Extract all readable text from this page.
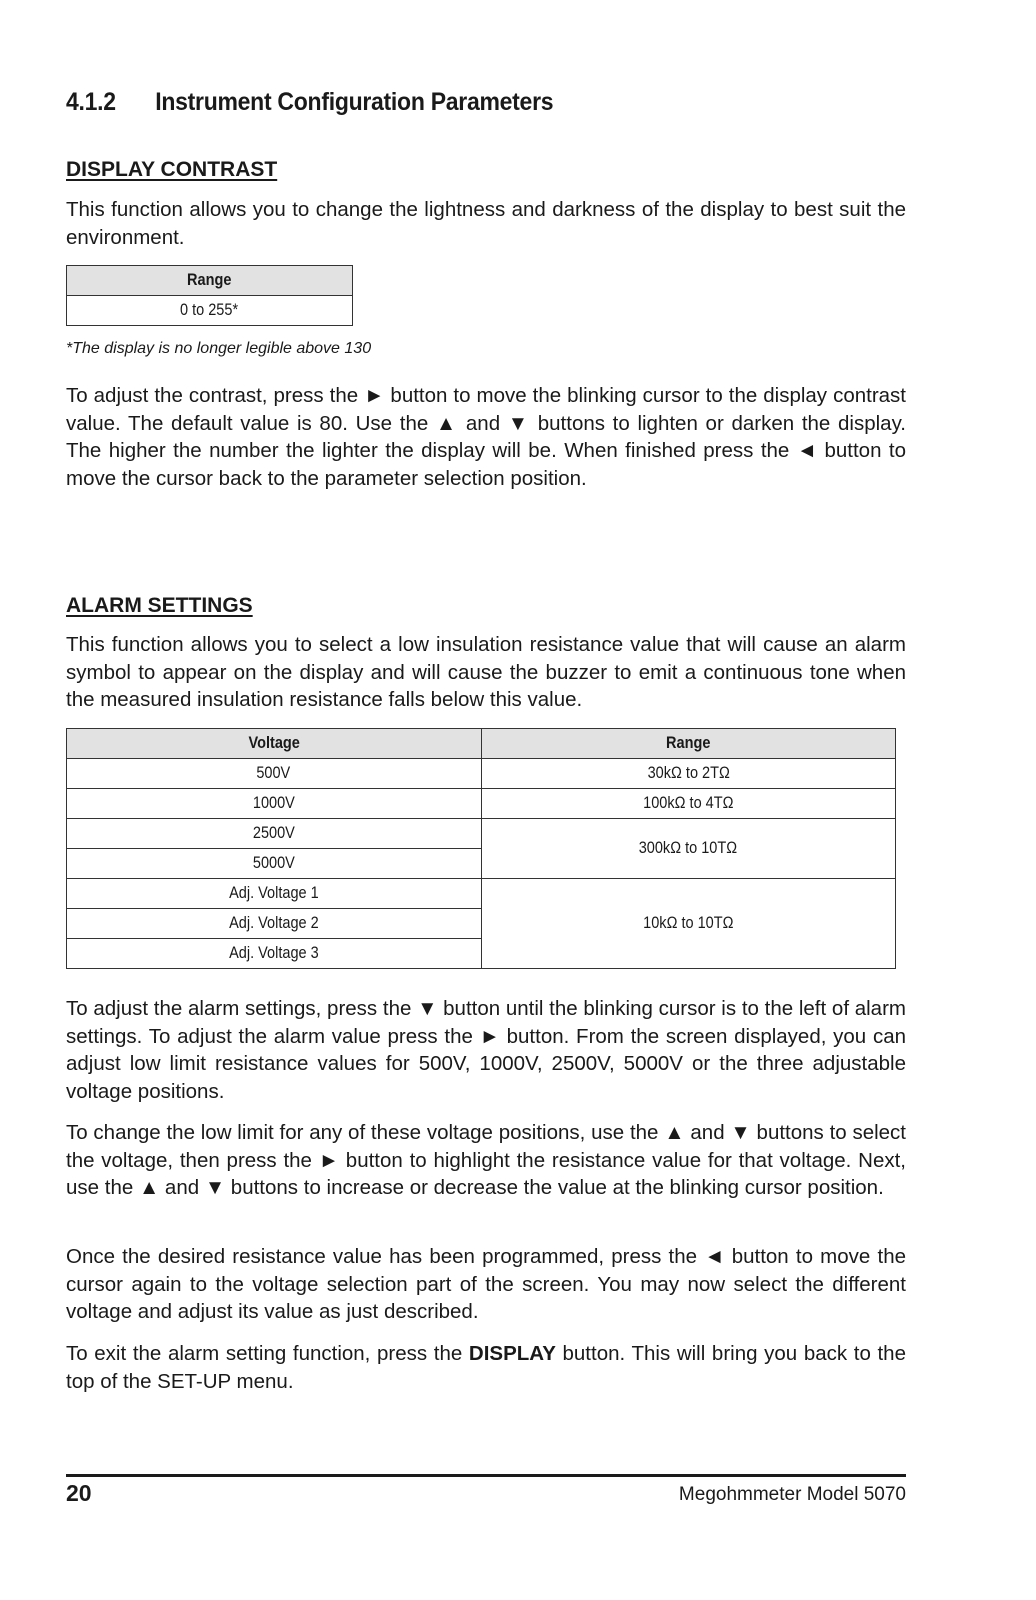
4.1.2 Instrument Configuration Parameters
DISPLAY CONTRAST

This function allows you to change the lightness and darkness of the display to best suit the environment.

Range
0 to 255*
*The display is no longer legible above 130

To adjust the contrast, press the ► button to move the blinking cursor to the display contrast value. The default value is 80. Use the ▲ and ▼ buttons to lighten or darken the display. The higher the number the lighter the display will be. When finished press the ◄ button to move the cursor back to the parameter selection position.

ALARM SETTINGS

This function allows you to select a low insulation resistance value that will cause an alarm symbol to appear on the display and will cause the buzzer to emit a continuous tone when the measured insulation resistance falls below this value.

Voltage	Range
500V	30kΩ to 2TΩ
1000V	100kΩ to 4TΩ
2500V	300kΩ to 10TΩ
5000V	
Adj. Voltage 1	10kΩ to 10TΩ
Adj. Voltage 2	
Adj. Voltage 3	

To adjust the alarm settings, press the ▼ button until the blinking cursor is to the left of alarm settings. To adjust the alarm value press the ► button. From the screen displayed, you can adjust low limit resistance values for 500V, 1000V, 2500V, 5000V or the three adjustable voltage positions.

To change the low limit for any of these voltage positions, use the ▲ and ▼ buttons to select the voltage, then press the ► button to highlight the resistance value for that voltage. Next, use the ▲ and ▼ buttons to increase or decrease the value at the blinking cursor position.

Once the desired resistance value has been programmed, press the ◄ button to move the cursor again to the voltage selection part of the screen. You may now select the different voltage and adjust its value as just described.

To exit the alarm setting function, press the DISPLAY button. This will bring you back to the top of the SET-UP menu.

20	Megohmmeter Model 5070
